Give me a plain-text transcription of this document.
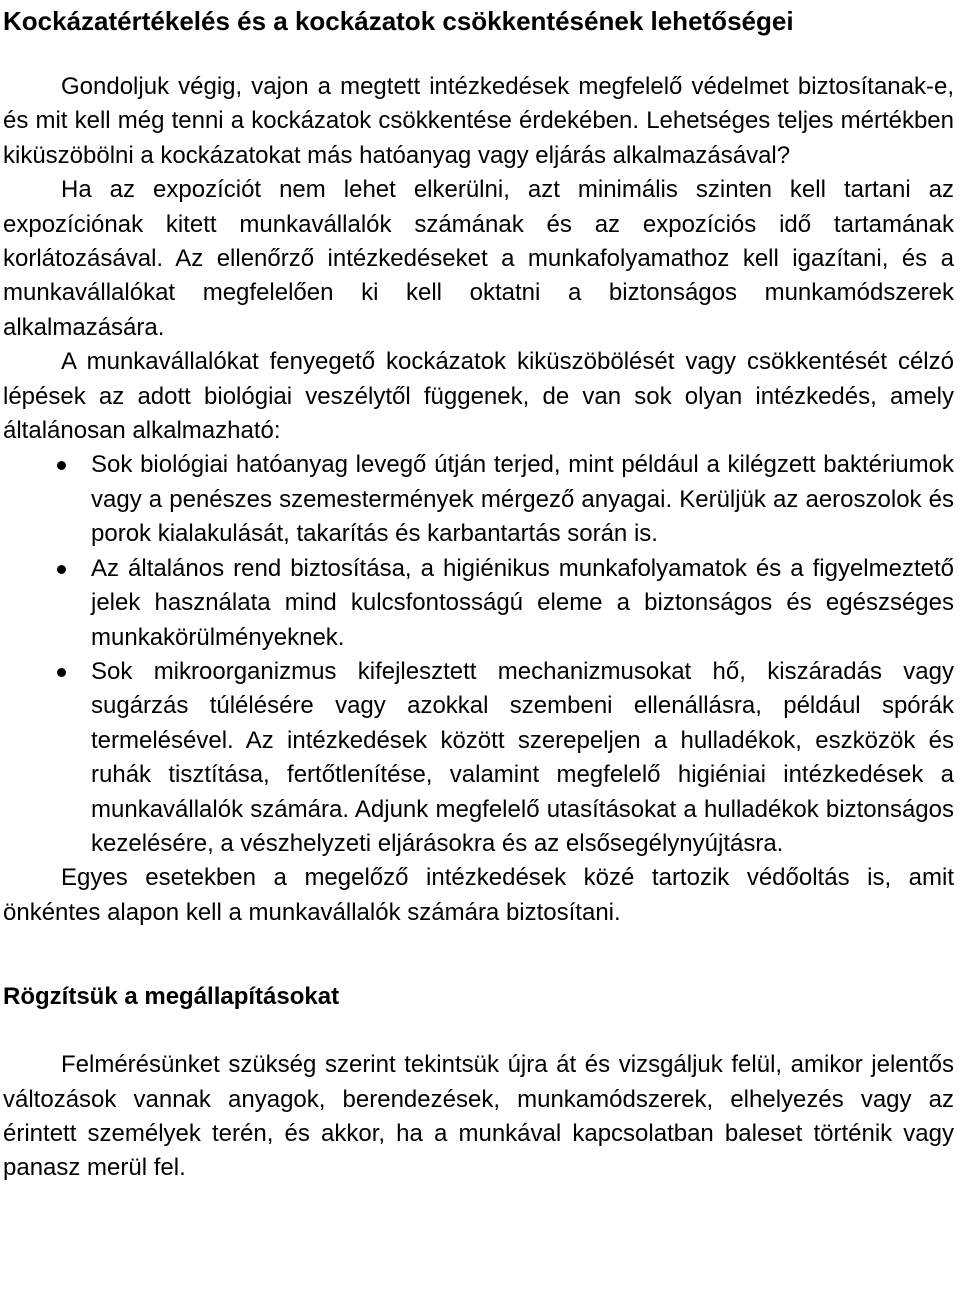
Kockázatértékelés és a kockázatok csökkentésének lehetőségei

Gondoljuk végig, vajon a megtett intézkedések megfelelő védelmet biztosítanak-e, és mit kell még tenni a kockázatok csökkentése érdekében. Lehetséges teljes mértékben kiküszöbölni a kockázatokat más hatóanyag vagy eljárás alkalmazásával?

Ha az expozíciót nem lehet elkerülni, azt minimális szinten kell tartani az expozíciónak kitett munkavállalók számának és az expozíciós idő tartamának korlátozásával. Az ellenőrző intézkedéseket a munkafolyamathoz kell igazítani, és a munkavállalókat megfelelően ki kell oktatni a biztonságos munkamódszerek alkalmazására.

A munkavállalókat fenyegető kockázatok kiküszöbölését vagy csökkentését célzó lépések az adott biológiai veszélytől függenek, de van sok olyan intézkedés, amely általánosan alkalmazható:

Sok biológiai hatóanyag levegő útján terjed, mint például a kilégzett baktériumok vagy a penészes szemestermények mérgező anyagai. Kerüljük az aeroszolok és porok kialakulását, takarítás és karbantartás során is.
Az általános rend biztosítása, a higiénikus munkafolyamatok és a figyelmeztető jelek használata mind kulcsfontosságú eleme a biztonságos és egészséges munkakörülményeknek.
Sok mikroorganizmus kifejlesztett mechanizmusokat hő, kiszáradás vagy sugárzás túlélésére vagy azokkal szembeni ellenállásra, például spórák termelésével. Az intézkedések között szerepeljen a hulladékok, eszközök és ruhák tisztítása, fertőtlenítése, valamint megfelelő higiéniai intézkedések a munkavállalók számára. Adjunk megfelelő utasításokat a hulladékok biztonságos kezelésére, a vészhelyzeti eljárásokra és az elsősegélynyújtásra.

Egyes esetekben a megelőző intézkedések közé tartozik védőoltás is, amit önkéntes alapon kell a munkavállalók számára biztosítani.

Rögzítsük a megállapításokat

Felmérésünket szükség szerint tekintsük újra át és vizsgáljuk felül, amikor jelentős változások vannak anyagok, berendezések, munkamódszerek, elhelyezés vagy az érintett személyek terén, és akkor, ha a munkával kapcsolatban baleset történik vagy panasz merül fel.
